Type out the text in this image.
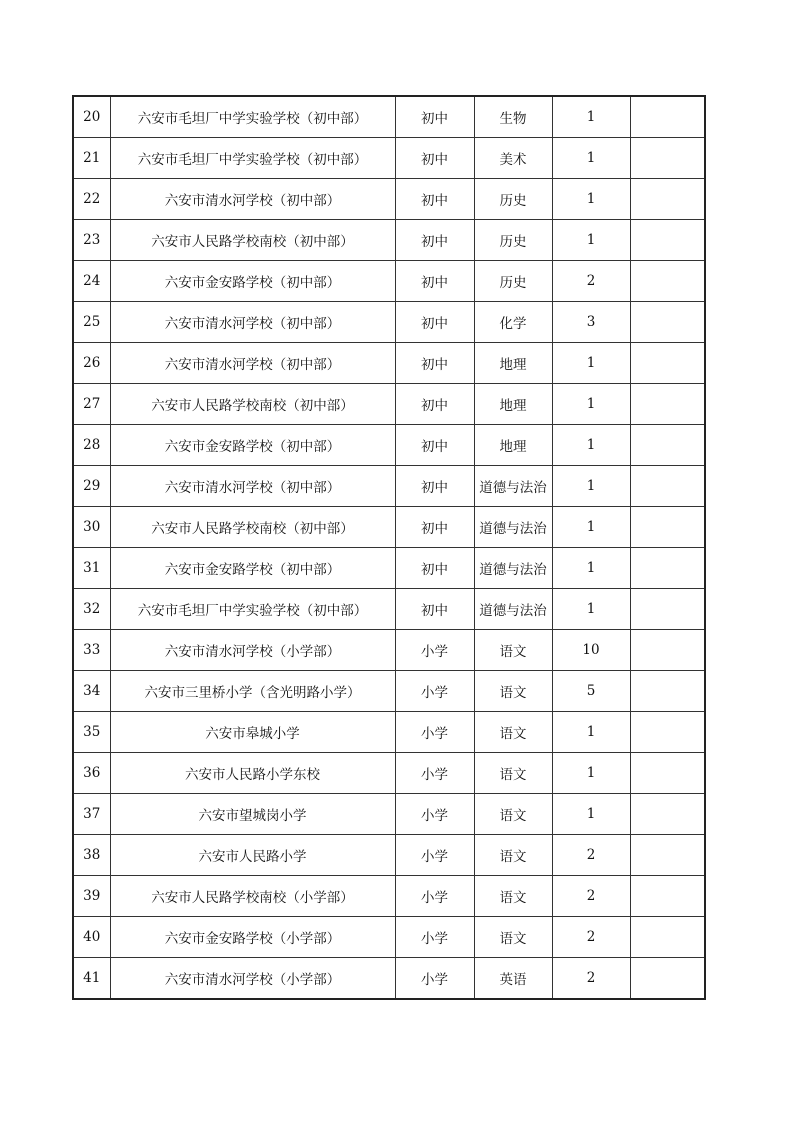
20	六安市毛坦厂中学实验学校（初中部）	初中	生物	1	
21	六安市毛坦厂中学实验学校（初中部）	初中	美术	1	
22	六安市清水河学校（初中部）	初中	历史	1	
23	六安市人民路学校南校（初中部）	初中	历史	1	
24	六安市金安路学校（初中部）	初中	历史	2	
25	六安市清水河学校（初中部）	初中	化学	3	
26	六安市清水河学校（初中部）	初中	地理	1	
27	六安市人民路学校南校（初中部）	初中	地理	1	
28	六安市金安路学校（初中部）	初中	地理	1	
29	六安市清水河学校（初中部）	初中	道德与法治	1	
30	六安市人民路学校南校（初中部）	初中	道德与法治	1	
31	六安市金安路学校（初中部）	初中	道德与法治	1	
32	六安市毛坦厂中学实验学校（初中部）	初中	道德与法治	1	
33	六安市清水河学校（小学部）	小学	语文	10	
34	六安市三里桥小学（含光明路小学）	小学	语文	5	
35	六安市皋城小学	小学	语文	1	
36	六安市人民路小学东校	小学	语文	1	
37	六安市望城岗小学	小学	语文	1	
38	六安市人民路小学	小学	语文	2	
39	六安市人民路学校南校（小学部）	小学	语文	2	
40	六安市金安路学校（小学部）	小学	语文	2	
41	六安市清水河学校（小学部）	小学	英语	2	
